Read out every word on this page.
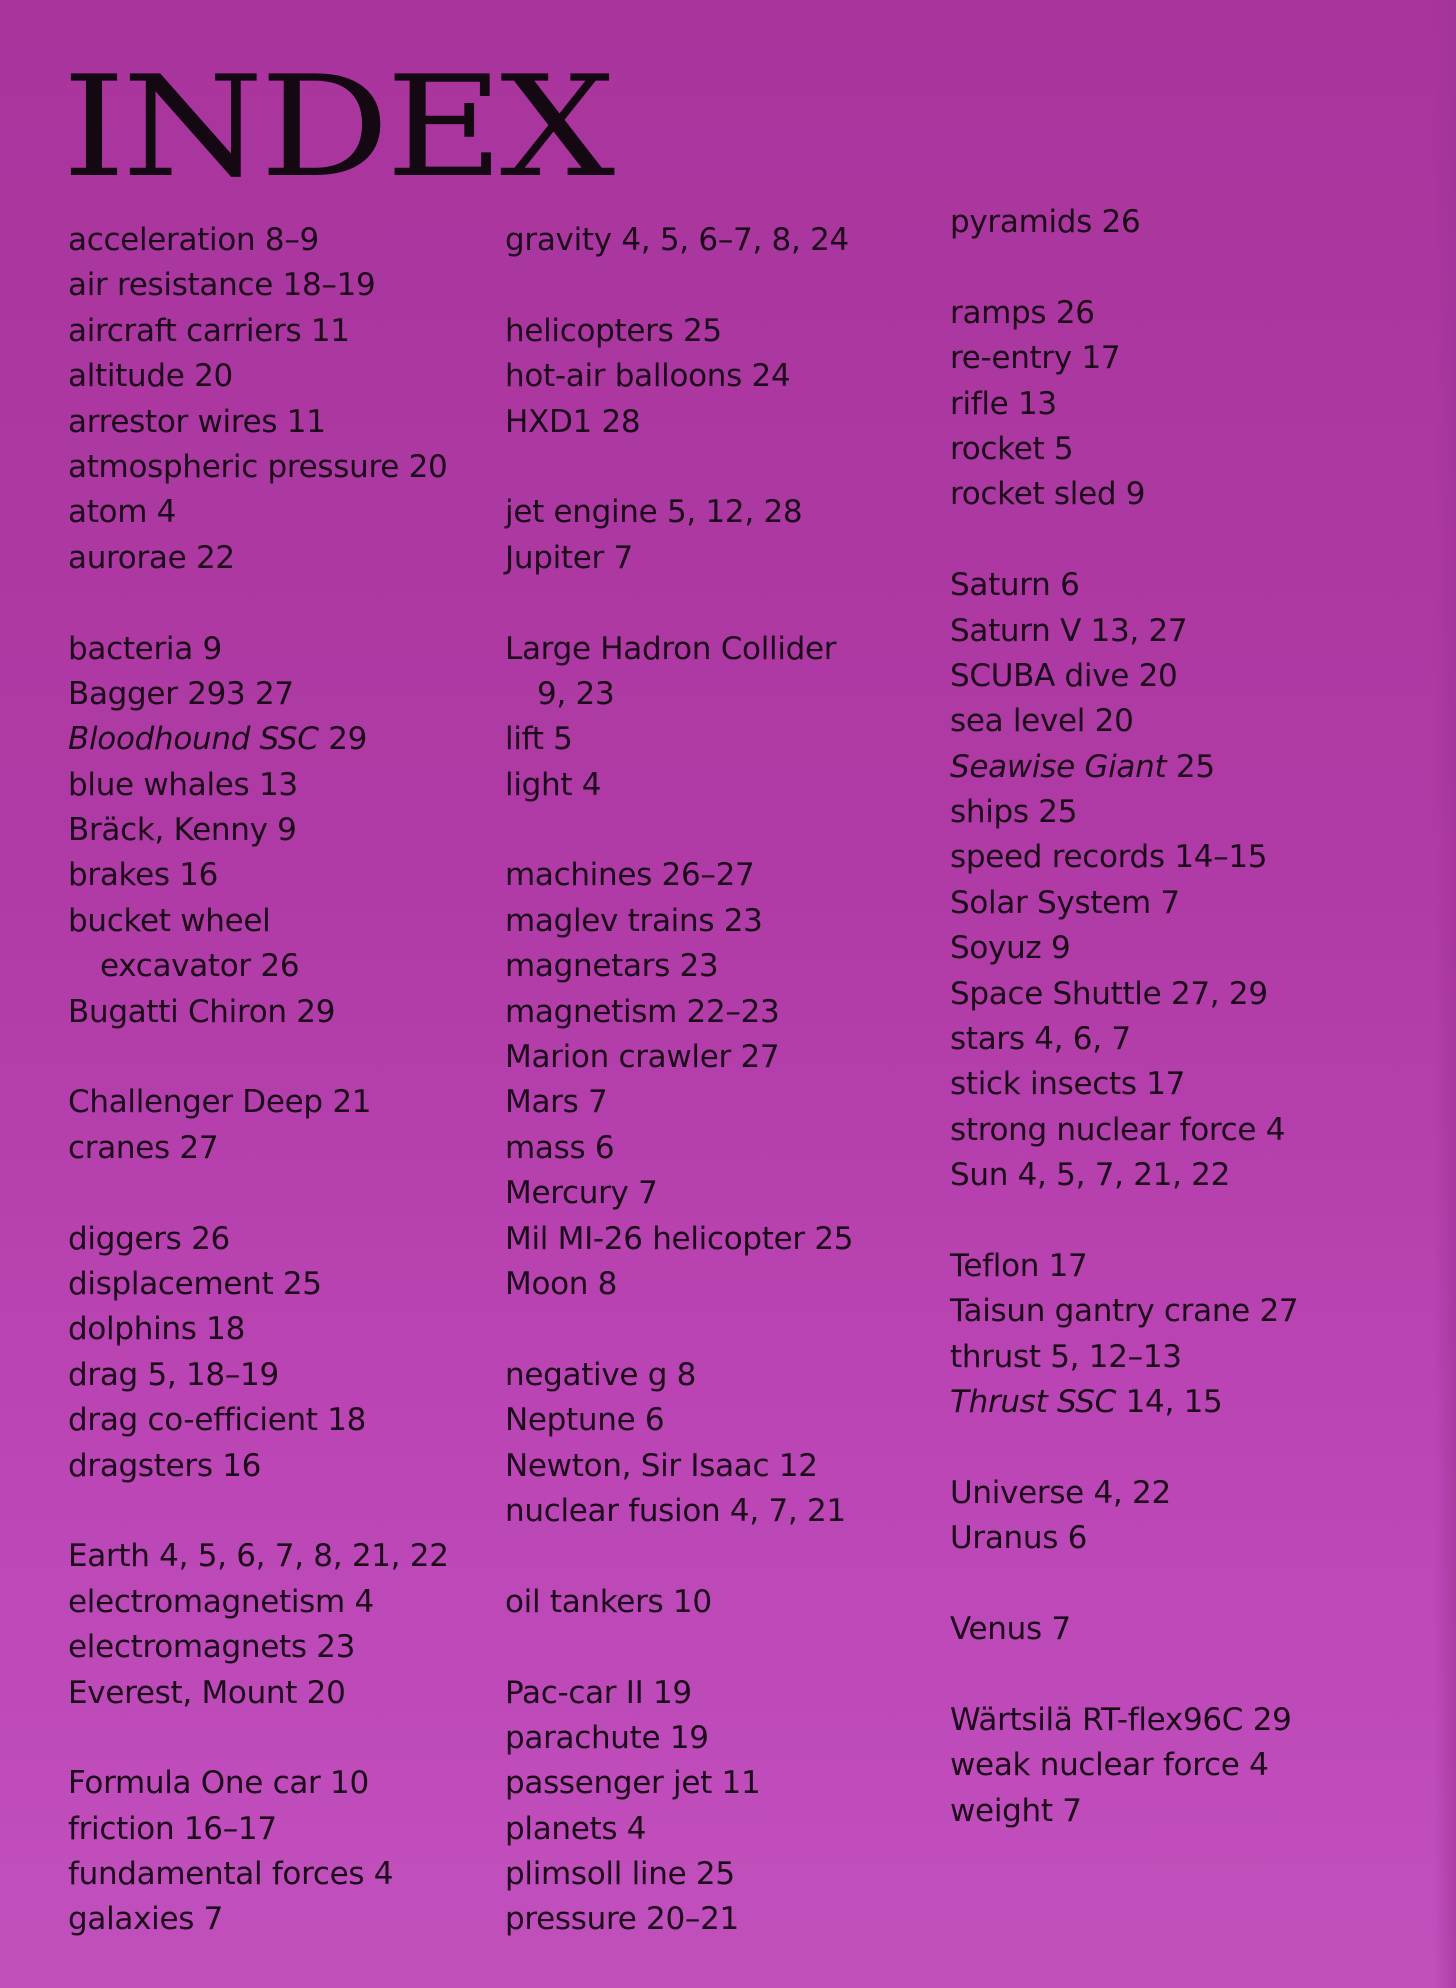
INDEX
acceleration 8–9
air resistance 18–19
aircraft carriers 11
altitude 20
arrestor wires 11
atmospheric pressure 20
atom 4
aurorae 22
bacteria 9
Bagger 293 27
Bloodhound SSC 29
blue whales 13
Bräck, Kenny 9
brakes 16
bucket wheel
excavator 26
Bugatti Chiron 29
Challenger Deep 21
cranes 27
diggers 26
displacement 25
dolphins 18
drag 5, 18–19
drag co-efficient 18
dragsters 16
Earth 4, 5, 6, 7, 8, 21, 22
electromagnetism 4
electromagnets 23
Everest, Mount 20
Formula One car 10
friction 16–17
fundamental forces 4
galaxies 7
gravity 4, 5, 6–7, 8, 24
helicopters 25
hot-air balloons 24
HXD1 28
jet engine 5, 12, 28
Jupiter 7
Large Hadron Collider
9, 23
lift 5
light 4
machines 26–27
maglev trains 23
magnetars 23
magnetism 22–23
Marion crawler 27
Mars 7
mass 6
Mercury 7
Mil MI-26 helicopter 25
Moon 8
negative g 8
Neptune 6
Newton, Sir Isaac 12
nuclear fusion 4, 7, 21
oil tankers 10
Pac-car II 19
parachute 19
passenger jet 11
planets 4
plimsoll line 25
pressure 20–21
pyramids 26
ramps 26
re-entry 17
rifle 13
rocket 5
rocket sled 9
Saturn 6
Saturn V 13, 27
SCUBA dive 20
sea level 20
Seawise Giant 25
ships 25
speed records 14–15
Solar System 7
Soyuz 9
Space Shuttle 27, 29
stars 4, 6, 7
stick insects 17
strong nuclear force 4
Sun 4, 5, 7, 21, 22
Teflon 17
Taisun gantry crane 27
thrust 5, 12–13
Thrust SSC 14, 15
Universe 4, 22
Uranus 6
Venus 7
Wärtsilä RT-flex96C 29
weak nuclear force 4
weight 7
